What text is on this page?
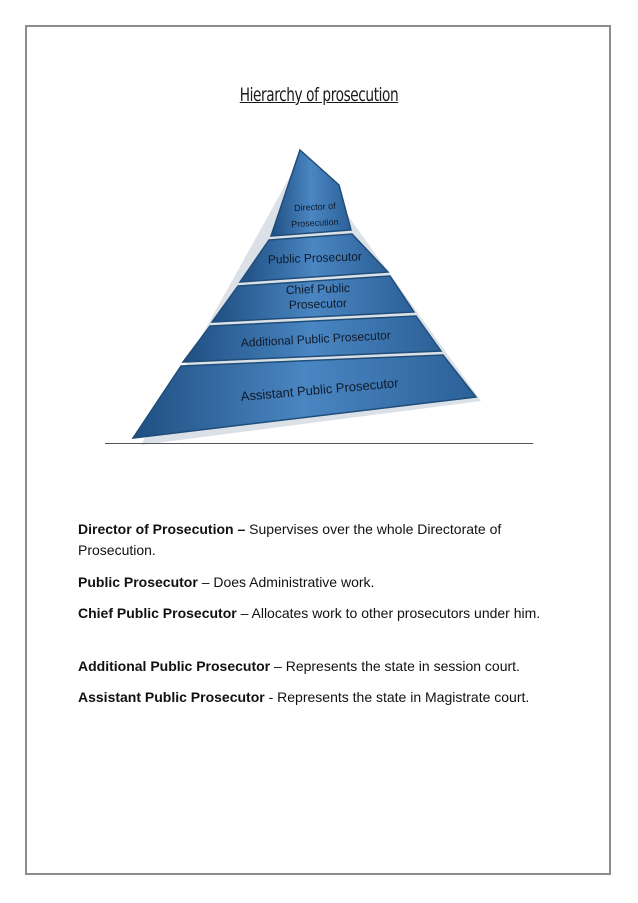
Hierarchy of prosecution
Director of
Prosecution
Public Prosecutor
Chief Public
Prosecutor
Additional Public Prosecutor
Assistant Public Prosecutor

Director of Prosecution – Supervises over the whole Directorate of Prosecution.

Public Prosecutor – Does Administrative work.

Chief Public Prosecutor – Allocates work to other prosecutors under him.

Additional Public Prosecutor – Represents the state in session court.

Assistant Public Prosecutor - Represents the state in Magistrate court.
